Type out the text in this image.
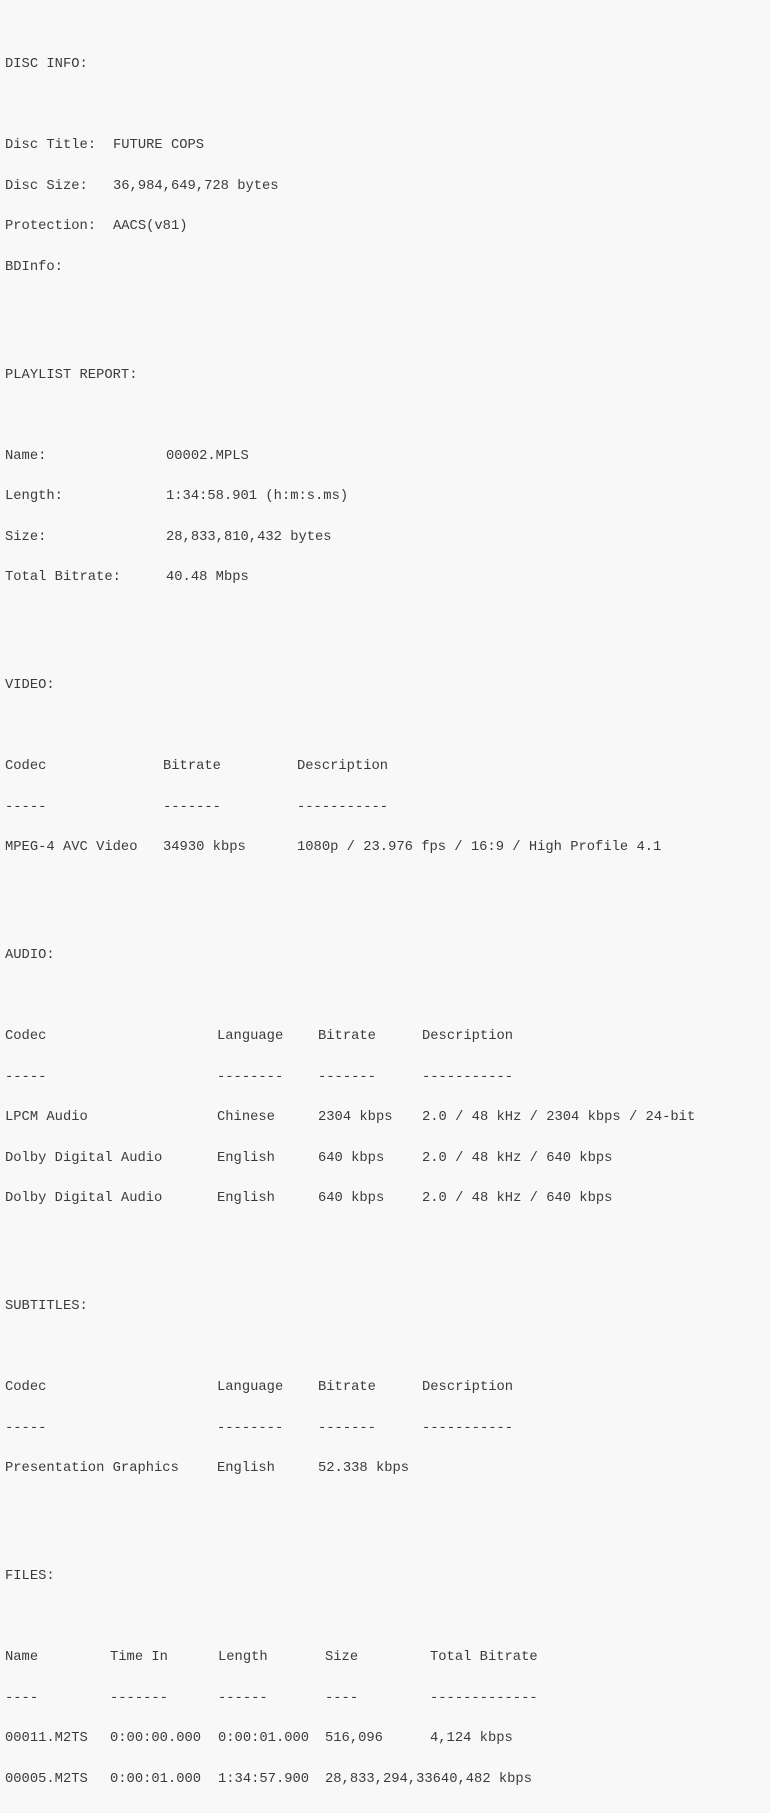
DISC INFO:

Disc Title:	FUTURE COPS

Disc Size:	36,984,649,728 bytes

Protection:	AACS(v81)

BDInfo:

PLAYLIST REPORT:

Name:	00002.MPLS

Length:	1:34:58.901 (h:m:s.ms)

Size:	28,833,810,432 bytes

Total Bitrate:	40.48 Mbps

VIDEO:

Codec	Bitrate	Description

-----	-------	-----------

MPEG-4 AVC Video	34930 kbps	1080p / 23.976 fps / 16:9 / High Profile 4.1

AUDIO:

Codec	Language	Bitrate	Description

-----	--------	-------	-----------

LPCM Audio	Chinese	2304 kbps	2.0 / 48 kHz / 2304 kbps / 24-bit

Dolby Digital Audio	English	640 kbps	2.0 / 48 kHz / 640 kbps

Dolby Digital Audio	English	640 kbps	2.0 / 48 kHz / 640 kbps

SUBTITLES:

Codec	Language	Bitrate	Description

-----	--------	-------	-----------

Presentation Graphics	English	52.338 kbps

FILES:

Name	Time In	Length	Size	Total Bitrate

----	-------	------	----	-------------

00011.M2TS	0:00:00.000	0:00:01.000	516,096	4,124 kbps

00005.M2TS	0:00:01.000	1:34:57.900	28,833,294,336 40,482 kbps
